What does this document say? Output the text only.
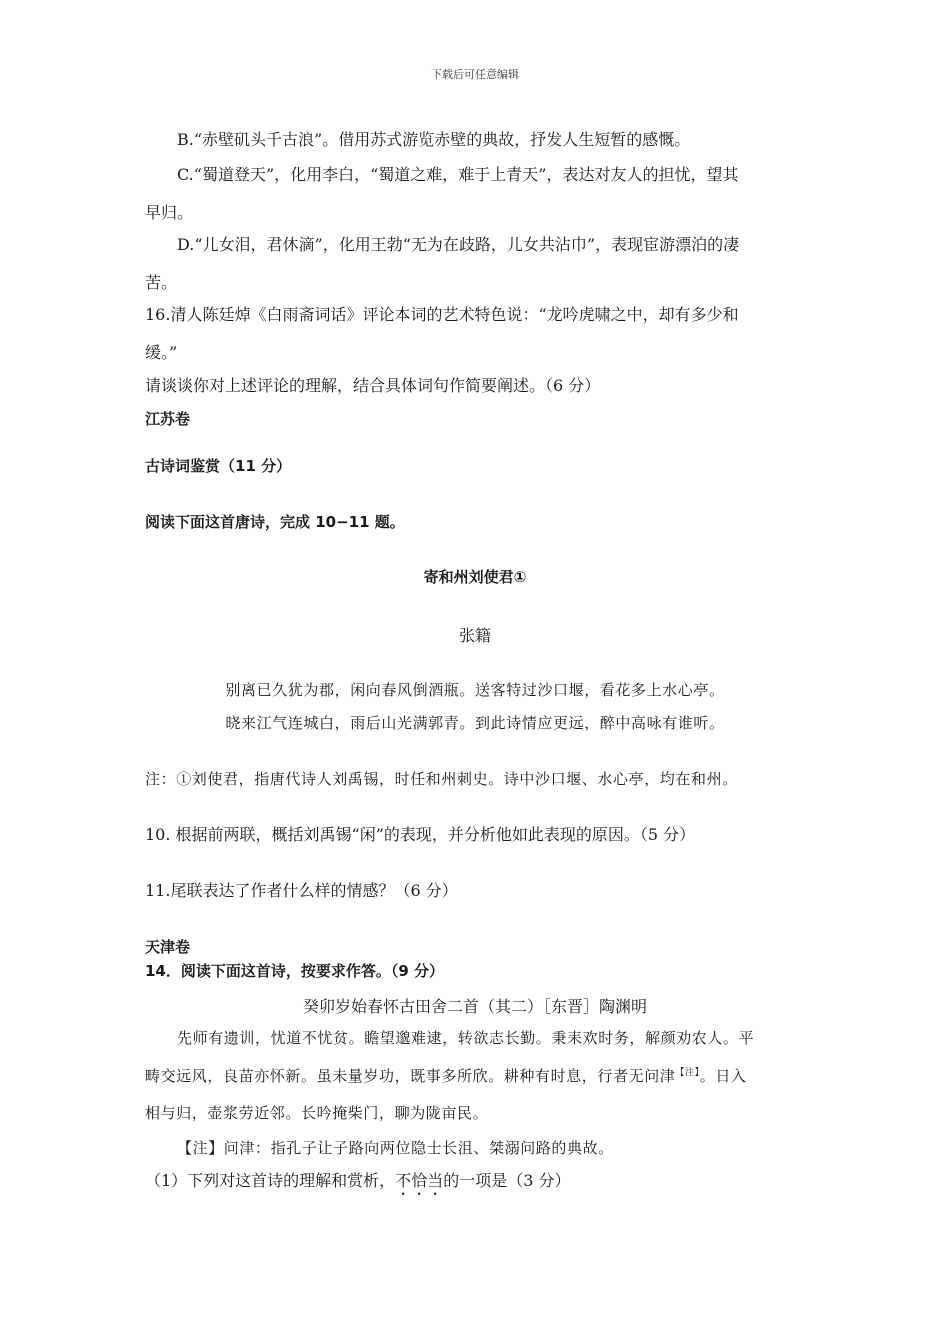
下载后可任意编辑
B.“赤壁矶头千古浪”。借用苏式游览赤壁的典故，抒发人生短暂的感慨。
C.“蜀道登天”，化用李白，“蜀道之难，难于上青天”，表达对友人的担忧，望其
早归。
D.“儿女泪，君休滴”，化用王勃“无为在歧路，儿女共沾巾”，表现宦游漂泊的凄
苦。
16.清人陈廷焯《白雨斋词话》评论本词的艺术特色说：“龙吟虎啸之中，却有多少和
缓。”
请谈谈你对上述评论的理解，结合具体词句作简要阐述。（6 分）
江苏卷
古诗词鉴赏（11 分）
阅读下面这首唐诗，完成 10−11 题。
寄和州刘使君①
张籍
别离已久犹为郡，闲向春风倒酒瓶。送客特过沙口堰，看花多上水心亭。
晓来江气连城白，雨后山光满郭青。到此诗情应更远，醉中高咏有谁听。
注：①刘使君，指唐代诗人刘禹锡，时任和州刺史。诗中沙口堰、水心亭，均在和州。
10. 根据前两联，概括刘禹锡“闲”的表现，并分析他如此表现的原因。（5 分）
11.尾联表达了作者什么样的情感？（6 分）
天津卷
14．阅读下面这首诗，按要求作答。（9 分）
癸卯岁始春怀古田舍二首（其二）［东晋］陶渊明
先师有遗训，忧道不忧贫。瞻望邈难逮，转欲志长勤。秉耒欢时务，解颜劝农人。平
畴交远风，良苗亦怀新。虽未量岁功，既事多所欣。耕种有时息，行者无问津$^{【注】}$。日入
相与归，壶浆劳近邻。长吟掩柴门，聊为陇亩民。
【注】问津：指孔子让子路向两位隐士长沮、桀溺问路的典故。
（1）下列对这首诗的理解和赏析，不恰当的一项是（3 分）
